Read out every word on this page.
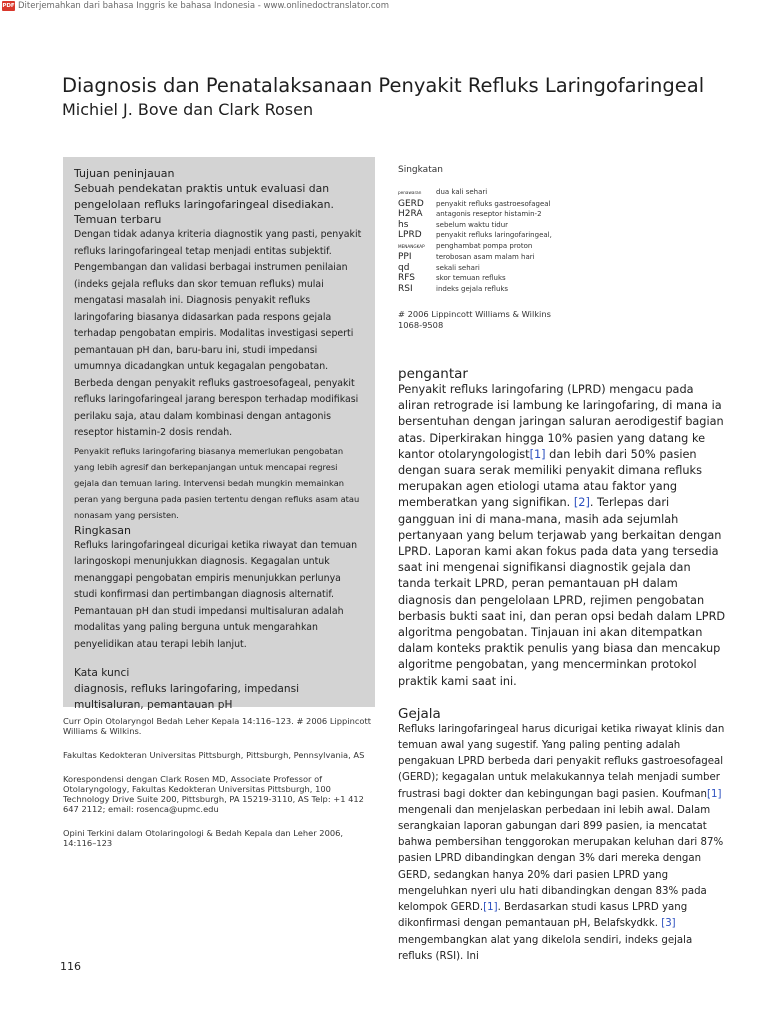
PDF Diterjemahkan dari bahasa Inggris ke bahasa Indonesia - www.onlinedoctranslator.com
Diagnosis dan Penatalaksanaan Penyakit Refluks Laringofaringeal

Michiel J. Bove dan Clark Rosen

Tujuan peninjauan
Sebuah pendekatan praktis untuk evaluasi dan pengelolaan refluks laringofaringeal disediakan.
Temuan terbaru
Dengan tidak adanya kriteria diagnostik yang pasti, penyakit refluks laringofaringeal tetap menjadi entitas subjektif. Pengembangan dan validasi berbagai instrumen penilaian (indeks gejala refluks dan skor temuan refluks) mulai mengatasi masalah ini. Diagnosis penyakit refluks laringofaring biasanya didasarkan pada respons gejala terhadap pengobatan empiris. Modalitas investigasi seperti pemantauan pH dan, baru-baru ini, studi impedansi umumnya dicadangkan untuk kegagalan pengobatan. Berbeda dengan penyakit refluks gastroesofageal, penyakit refluks laringofaringeal jarang berespon terhadap modifikasi perilaku saja, atau dalam kombinasi dengan antagonis reseptor histamin-2 dosis rendah.
Penyakit refluks laringofaring biasanya memerlukan pengobatan yang lebih agresif dan berkepanjangan untuk mencapai regresi gejala dan temuan laring. Intervensi bedah mungkin memainkan peran yang berguna pada pasien tertentu dengan refluks asam atau nonasam yang persisten.
Ringkasan
Refluks laringofaringeal dicurigai ketika riwayat dan temuan laringoskopi menunjukkan diagnosis. Kegagalan untuk menanggapi pengobatan empiris menunjukkan perlunya studi konfirmasi dan pertimbangan diagnosis alternatif. Pemantauan pH dan studi impedansi multisaluran adalah modalitas yang paling berguna untuk mengarahkan penyelidikan atau terapi lebih lanjut.
Kata kunci
diagnosis, refluks laringofaring, impedansi multisaluran, pemantauan pH

Curr Opin Otolaryngol Bedah Leher Kepala 14:116–123. # 2006 Lippincott Williams & Wilkins.

Fakultas Kedokteran Universitas Pittsburgh, Pittsburgh, Pennsylvania, AS

Korespondensi dengan Clark Rosen MD, Associate Professor of Otolaryngology, Fakultas Kedokteran Universitas Pittsburgh, 100 Technology Drive Suite 200, Pittsburgh, PA 15219-3110, AS Telp: +1 412 647 2112; email: rosenca@upmc.edu

Opini Terkini dalam Otolaringologi & Bedah Kepala dan Leher 2006, 14:116–123

116
Singkatan
penawaran	dua kali sehari
GERD	penyakit refluks gastroesofageal
H2RA	antagonis reseptor histamin-2
hs	sebelum waktu tidur
LPRD	penyakit refluks laringofaringeal,
MENANGKAP	penghambat pompa proton
PPI	terobosan asam malam hari
qd	sekali sehari
RFS	skor temuan refluks
RSI	indeks gejala refluks
# 2006 Lippincott Williams & Wilkins
1068-9508
pengantar

Penyakit refluks laringofaring (LPRD) mengacu pada aliran retrograde isi lambung ke laringofaring, di mana ia bersentuhan dengan jaringan saluran aerodigestif bagian atas. Diperkirakan hingga 10% pasien yang datang ke kantor otolaryngologist[1] dan lebih dari 50% pasien dengan suara serak memiliki penyakit dimana refluks merupakan agen etiologi utama atau faktor yang memberatkan yang signifikan. [2]. Terlepas dari gangguan ini di mana-mana, masih ada sejumlah pertanyaan yang belum terjawab yang berkaitan dengan LPRD. Laporan kami akan fokus pada data yang tersedia saat ini mengenai signifikansi diagnostik gejala dan tanda terkait LPRD, peran pemantauan pH dalam diagnosis dan pengelolaan LPRD, rejimen pengobatan berbasis bukti saat ini, dan peran opsi bedah dalam LPRD algoritma pengobatan. Tinjauan ini akan ditempatkan dalam konteks praktik penulis yang biasa dan mencakup algoritme pengobatan, yang mencerminkan protokol praktik kami saat ini.

Gejala

Refluks laringofaringeal harus dicurigai ketika riwayat klinis dan temuan awal yang sugestif. Yang paling penting adalah pengakuan LPRD berbeda dari penyakit refluks gastroesofageal (GERD); kegagalan untuk melakukannya telah menjadi sumber frustrasi bagi dokter dan kebingungan bagi pasien. Koufman[1] mengenali dan menjelaskan perbedaan ini lebih awal. Dalam serangkaian laporan gabungan dari 899 pasien, ia mencatat bahwa pembersihan tenggorokan merupakan keluhan dari 87% pasien LPRD dibandingkan dengan 3% dari mereka dengan GERD, sedangkan hanya 20% dari pasien LPRD yang mengeluhkan nyeri ulu hati dibandingkan dengan 83% pada kelompok GERD.[1]. Berdasarkan studi kasus LPRD yang dikonfirmasi dengan pemantauan pH, Belafskydkk. [3] mengembangkan alat yang dikelola sendiri, indeks gejala refluks (RSI). Ini
